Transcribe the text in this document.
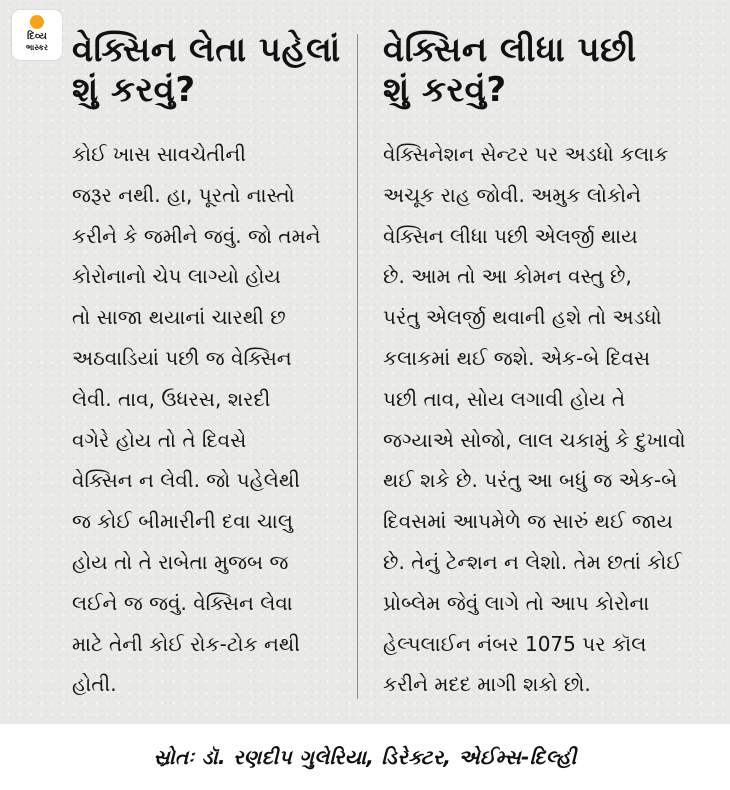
દિવ્ય
ભાસ્કર વેક્સિન લેતા પહેલાં
શું કરવું?

કોઈ ખાસ સાવચેતીની
જરૂર નથી. હા, પૂરતો નાસ્તો
કરીને કે જમીને જવું. જો તમને
કોરોનાનો ચેપ લાગ્યો હોય
તો સાજા થયાનાં ચારથી છ
અઠવાડિયાં પછી જ વેક્સિન
લેવી. તાવ, ઉધરસ, શરદી
વગેરે હોય તો તે દિવસે
વેક્સિન ન લેવી. જો પહેલેથી
જ કોઈ બીમારીની દવા ચાલુ
હોય તો તે રાબેતા મુજબ જ
લઈને જ જવું. વેક્સિન લેવા
માટે તેની કોઈ રોક-ટોક નથી
હોતી.

વેક્સિન લીધા પછી
શું કરવું?

વેક્સિનેશન સેન્ટર પર અડધો કલાક
અચૂક રાહ જોવી. અમુક લોકોને
વેક્સિન લીધા પછી એલર્જી થાય
છે. આમ તો આ કોમન વસ્તુ છે,
પરંતુ એલર્જી થવાની હશે તો અડધો
કલાકમાં થઈ જશે. એક-બે દિવસ
પછી તાવ, સોય લગાવી હોય તે
જગ્યાએ સોજો, લાલ ચકામું કે દુખાવો
થઈ શકે છે. પરંતુ આ બધું જ એક-બે
દિવસમાં આપમેળે જ સારું થઈ જાય
છે. તેનું ટેન્શન ન લેશો. તેમ છતાં કોઈ
પ્રોબ્લેમ જેવું લાગે તો આપ કોરોના
હેલ્પલાઈન નંબર 1075 પર કૉલ
કરીને મદદ માગી શકો છો.

સ્રોતઃ ડૉ. રણદીપ ગુલેરિયા, ડિરેક્ટર, એઈમ્સ-દિલ્હી
